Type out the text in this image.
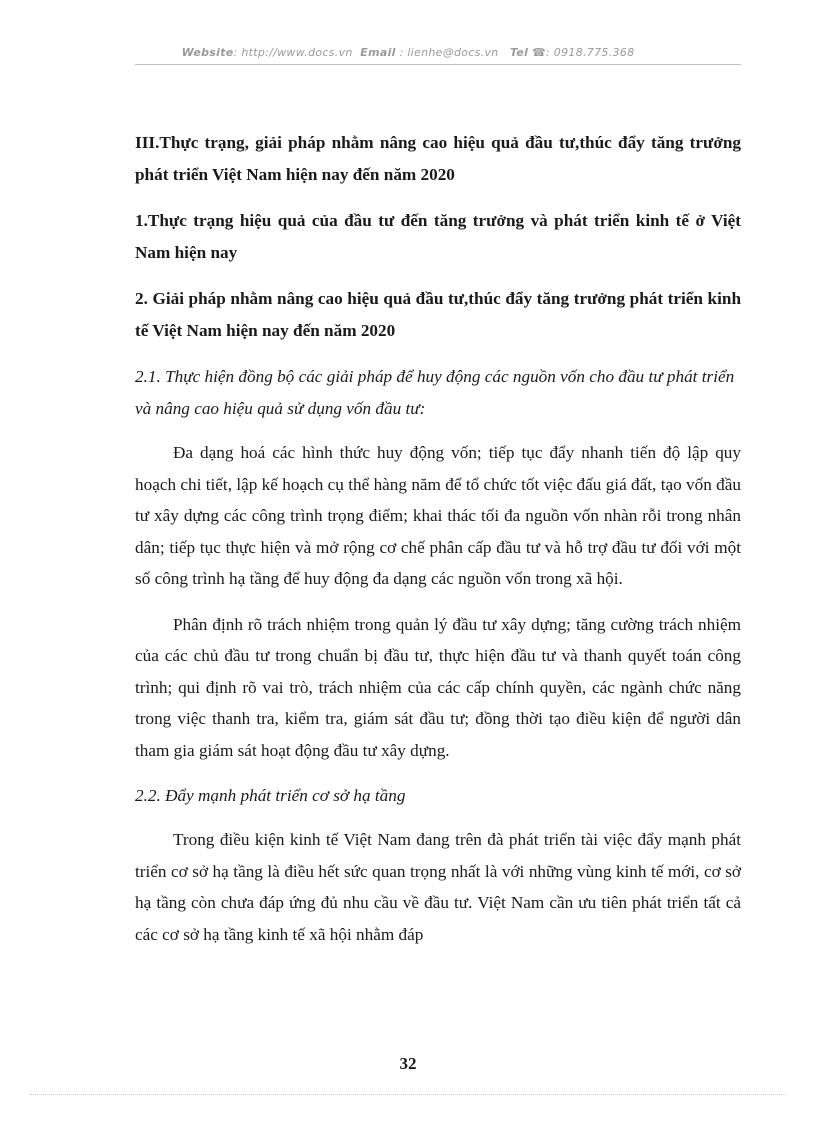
Website: http://www.docs.vn Email : lienhe@docs.vn Tel ☎: 0918.775.368

III.Thực trạng, giải pháp nhằm nâng cao hiệu quả đầu tư,thúc đẩy tăng trưởng phát triển Việt Nam hiện nay đến năm 2020

1.Thực trạng hiệu quả của đầu tư đến tăng trưởng và phát triển kinh tế ở Việt Nam hiện nay

2. Giải pháp nhằm nâng cao hiệu quả đầu tư,thúc đẩy tăng trưởng phát triển kinh tế Việt Nam hiện nay đến năm 2020

2.1. Thực hiện đồng bộ các giải pháp để huy động các nguồn vốn cho đầu tư phát triển và nâng cao hiệu quả sử dụng vốn đầu tư:

Đa dạng hoá các hình thức huy động vốn; tiếp tục đẩy nhanh tiến độ lập quy hoạch chi tiết, lập kế hoạch cụ thể hàng năm để tổ chức tốt việc đấu giá đất, tạo vốn đầu tư xây dựng các công trình trọng điểm; khai thác tối đa nguồn vốn nhàn rỗi trong nhân dân; tiếp tục thực hiện và mở rộng cơ chế phân cấp đầu tư và hỗ trợ đầu tư đối với một số công trình hạ tầng để huy động đa dạng các nguồn vốn trong xã hội.

Phân định rõ trách nhiệm trong quản lý đầu tư xây dựng; tăng cường trách nhiệm của các chủ đầu tư trong chuẩn bị đầu tư, thực hiện đầu tư và thanh quyết toán công trình; qui định rõ vai trò, trách nhiệm của các cấp chính quyền, các ngành chức năng trong việc thanh tra, kiểm tra, giám sát đầu tư; đồng thời tạo điều kiện để người dân tham gia giám sát hoạt động đầu tư xây dựng.

2.2. Đẩy mạnh phát triển cơ sở hạ tầng

Trong điều kiện kinh tế Việt Nam đang trên đà phát triển tài việc đẩy mạnh phát triển cơ sở hạ tầng là điều hết sức quan trọng nhất là với những vùng kinh tế mới, cơ sở hạ tầng còn chưa đáp ứng đủ nhu cầu về đầu tư. Việt Nam cần ưu tiên phát triển tất cả các cơ sở hạ tầng kinh tế xã hội nhằm đáp

32
